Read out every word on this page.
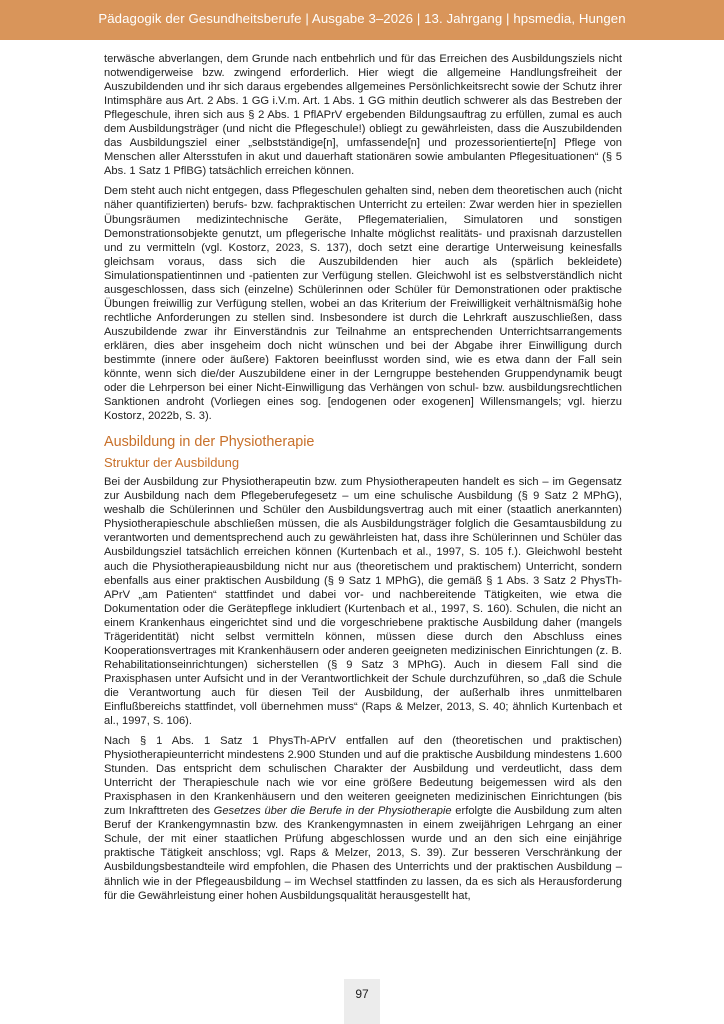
Pädagogik der Gesundheitsberufe | Ausgabe 3–2026 | 13. Jahrgang | hpsmedia, Hungen

terwäsche abverlangen, dem Grunde nach entbehrlich und für das Erreichen des Ausbildungsziels nicht notwendigerweise bzw. zwingend erforderlich. Hier wiegt die allgemeine Handlungsfreiheit der Auszubildenden und ihr sich daraus ergebendes allgemeines Persönlichkeitsrecht sowie der Schutz ihrer Intimsphäre aus Art. 2 Abs. 1 GG i.V.m. Art. 1 Abs. 1 GG mithin deutlich schwerer als das Bestreben der Pflegeschule, ihren sich aus § 2 Abs. 1 PflAPrV ergebenden Bildungsauftrag zu erfüllen, zumal es auch dem Ausbildungsträger (und nicht die Pflegeschule!) obliegt zu gewährleisten, dass die Auszubildenden das Ausbildungsziel einer „selbstständige[n], umfassende[n] und prozessorientierte[n] Pflege von Menschen aller Altersstufen in akut und dauerhaft stationären sowie ambulanten Pflegesituationen“ (§ 5 Abs. 1 Satz 1 PflBG) tatsächlich erreichen können.

Dem steht auch nicht entgegen, dass Pflegeschulen gehalten sind, neben dem theoretischen auch (nicht näher quantifizierten) berufs- bzw. fachpraktischen Unterricht zu erteilen: Zwar werden hier in speziellen Übungsräumen medizintechnische Geräte, Pflegematerialien, Simulatoren und sonstigen Demonstrationsobjekte genutzt, um pflegerische Inhalte möglichst realitäts- und praxisnah darzustellen und zu vermitteln (vgl. Kostorz, 2023, S. 137), doch setzt eine derartige Unterweisung keinesfalls gleichsam voraus, dass sich die Auszubildenden hier auch als (spärlich bekleidete) Simulationspatientinnen und -patienten zur Verfügung stellen. Gleichwohl ist es selbstverständlich nicht ausgeschlossen, dass sich (einzelne) Schülerinnen oder Schüler für Demonstrationen oder praktische Übungen freiwillig zur Verfügung stellen, wobei an das Kriterium der Freiwilligkeit verhältnismäßig hohe rechtliche Anforderungen zu stellen sind. Insbesondere ist durch die Lehrkraft auszuschließen, dass Auszubildende zwar ihr Einverständnis zur Teilnahme an entsprechenden Unterrichtsarrangements erklären, dies aber insgeheim doch nicht wünschen und bei der Abgabe ihrer Einwilligung durch bestimmte (innere oder äußere) Faktoren beeinflusst worden sind, wie es etwa dann der Fall sein könnte, wenn sich die/der Auszubildene einer in der Lerngruppe bestehenden Gruppendynamik beugt oder die Lehrperson bei einer Nicht-Einwilligung das Verhängen von schul- bzw. ausbildungsrechtlichen Sanktionen androht (Vorliegen eines sog. [endogenen oder exogenen] Willensmangels; vgl. hierzu Kostorz, 2022b, S. 3).

Ausbildung in der Physiotherapie
Struktur der Ausbildung

Bei der Ausbildung zur Physiotherapeutin bzw. zum Physiotherapeuten handelt es sich – im Gegensatz zur Ausbildung nach dem Pflegeberufegesetz – um eine schulische Ausbildung (§ 9 Satz 2 MPhG), weshalb die Schülerinnen und Schüler den Ausbildungsvertrag auch mit einer (staatlich anerkannten) Physiotherapieschule abschließen müssen, die als Ausbildungsträger folglich die Gesamtausbildung zu verantworten und dementsprechend auch zu gewährleisten hat, dass ihre Schülerinnen und Schüler das Ausbildungsziel tatsächlich erreichen können (Kurtenbach et al., 1997, S. 105 f.). Gleichwohl besteht auch die Physiotherapieausbildung nicht nur aus (theoretischem und praktischem) Unterricht, sondern ebenfalls aus einer praktischen Ausbildung (§ 9 Satz 1 MPhG), die gemäß § 1 Abs. 3 Satz 2 PhysTh-APrV „am Patienten“ stattfindet und dabei vor- und nachbereitende Tätigkeiten, wie etwa die Dokumentation oder die Gerätepflege inkludiert (Kurtenbach et al., 1997, S. 160). Schulen, die nicht an einem Krankenhaus eingerichtet sind und die vorgeschriebene praktische Ausbildung daher (mangels Trägeridentität) nicht selbst vermitteln können, müssen diese durch den Abschluss eines Kooperationsvertrages mit Krankenhäusern oder anderen geeigneten medizinischen Einrichtungen (z. B. Rehabilitationseinrichtungen) sicherstellen (§ 9 Satz 3 MPhG). Auch in diesem Fall sind die Praxisphasen unter Aufsicht und in der Verantwortlichkeit der Schule durchzuführen, so „daß die Schule die Verantwortung auch für diesen Teil der Ausbildung, der außerhalb ihres unmittelbaren Einflußbereichs stattfindet, voll übernehmen muss“ (Raps & Melzer, 2013, S. 40; ähnlich Kurtenbach et al., 1997, S. 106).

Nach § 1 Abs. 1 Satz 1 PhysTh-APrV entfallen auf den (theoretischen und praktischen) Physiotherapieunterricht mindestens 2.900 Stunden und auf die praktische Ausbildung mindestens 1.600 Stunden. Das entspricht dem schulischen Charakter der Ausbildung und verdeutlicht, dass dem Unterricht der Therapieschule nach wie vor eine größere Bedeutung beigemessen wird als den Praxisphasen in den Krankenhäusern und den weiteren geeigneten medizinischen Einrichtungen (bis zum Inkrafttreten des Gesetzes über die Berufe in der Physiotherapie erfolgte die Ausbildung zum alten Beruf der Krankengymnastin bzw. des Krankengymnasten in einem zweijährigen Lehrgang an einer Schule, der mit einer staatlichen Prüfung abgeschlossen wurde und an den sich eine einjährige praktische Tätigkeit anschloss; vgl. Raps & Melzer, 2013, S. 39). Zur besseren Verschränkung der Ausbildungsbestandteile wird empfohlen, die Phasen des Unterrichts und der praktischen Ausbildung – ähnlich wie in der Pflegeausbildung – im Wechsel stattfinden zu lassen, da es sich als Herausforderung für die Gewährleistung einer hohen Ausbildungsqualität herausgestellt hat,

97
